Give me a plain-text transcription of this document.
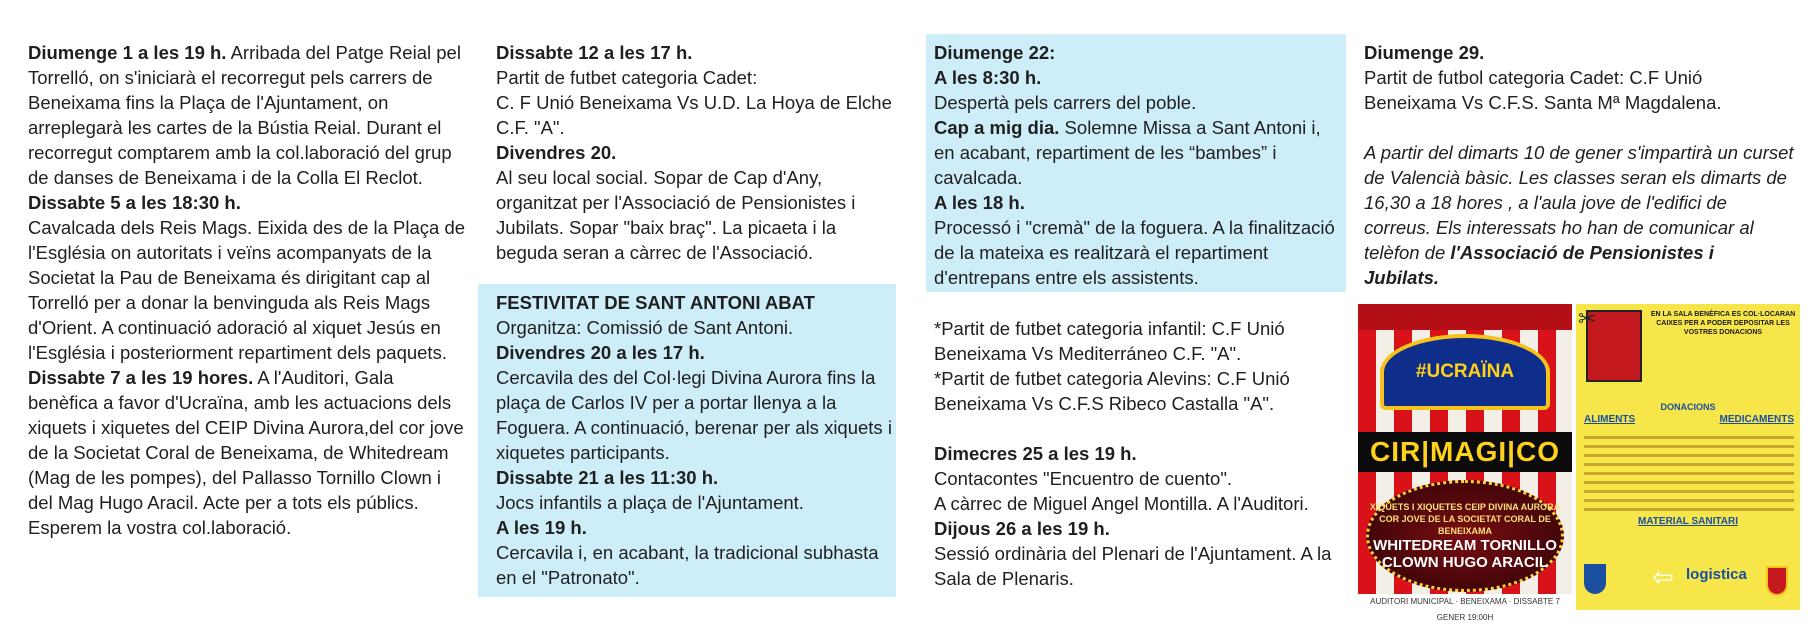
Diumenge 1 a les 19 h. Arribada del Patge Reial pel Torrelló, on s'iniciarà el recorregut pels carrers de Beneixama fins la Plaça de l'Ajuntament, on arreplegarà les cartes de la Bústia Reial. Durant el recorregut comptarem amb la col.laboració del grup de danses de Beneixama i de la Colla El Reclot.

Dissabte 5 a les 18:30 h.

Cavalcada dels Reis Mags. Eixida des de la Plaça de l'Església on autoritats i veïns acompanyats de la Societat la Pau de Beneixama és dirigitant cap al Torrelló per a donar la benvinguda als Reis Mags d'Orient. A continuació adoració al xiquet Jesús en l'Església i posteriorment repartiment dels paquets.

Dissabte 7 a les 19 hores. A l'Auditori, Gala benèfica a favor d'Ucraïna, amb les actuacions dels xiquets i xiquetes del CEIP Divina Aurora,del cor jove de la Societat Coral de Beneixama, de Whitedream (Mag de les pompes), del Pallasso Tornillo Clown i del Mag Hugo Aracil. Acte per a tots els públics. Esperem la vostra col.laboració.

Dissabte 12 a les 17 h.

Partit de futbet categoria Cadet:
C. F Unió Beneixama Vs U.D. La Hoya de Elche C.F. "A".

Divendres 20.

Al seu local social. Sopar de Cap d'Any, organitzat per l'Associació de Pensionistes i Jubilats. Sopar "baix braç". La picaeta i la beguda seran a càrrec de l'Associació.

FESTIVITAT DE SANT ANTONI ABAT

Organitza: Comissió de Sant Antoni.

Divendres 20 a les 17 h.

Cercavila des del Col·legi Divina Aurora fins la plaça de Carlos IV per a portar llenya a la Foguera. A continuació, berenar per als xiquets i xiquetes participants.

Dissabte 21 a les 11:30 h.

Jocs infantils a plaça de l'Ajuntament.

A les 19 h.

Cercavila i, en acabant, la tradicional subhasta en el "Patronato".

Diumenge 22:

A les 8:30 h.

Despertà pels carrers del poble.

Cap a mig dia. Solemne Missa a Sant Antoni i, en acabant, repartiment de les “bambes” i cavalcada.

A les 18 h.

Processó i "cremà" de la foguera. A la finalització de la mateixa es realitzarà el repartiment d'entrepans entre els assistents.

*Partit de futbet categoria infantil: C.F Unió Beneixama Vs Mediterráneo C.F. "A".

*Partit de futbet categoria Alevins: C.F Unió Beneixama Vs C.F.S Ribeco Castalla "A".

Dimecres 25 a les 19 h.

Contacontes "Encuentro de cuento".
A càrrec de Miguel Angel Montilla. A l'Auditori.

Dijous 26 a les 19 h.

Sessió ordinària del Plenari de l'Ajuntament. A la Sala de Plenaris.

Diumenge 29.

Partit de futbol categoria Cadet: C.F Unió Beneixama Vs C.F.S. Santa Mª Magdalena.

A partir del dimarts 10 de gener s'impartirà un curset de Valencià bàsic. Les classes seran els dimarts de 16,30 a 18 hores , a l'aula jove de l'edifici de correus. Els interessats ho han de comunicar al telèfon de l'Associació de Pensionistes i Jubilats.

#UCRAÏNA
CIR|MAGI|CO
XIQUETS I XIQUETES CEIP DIVINA AURORA COR JOVE DE LA SOCIETAT CORAL DE BENEIXAMA
WHITEDREAM TORNILLO CLOWN HUGO ARACIL
AUDITORI MUNICIPAL · BENEIXAMA · DISSABTE 7 GENER 19:00H
✂	EN LA SALA BENÈFICA ES COL·LOCARAN CAIXES PER A PODER DEPOSITAR LES VOSTRES DONACIONS
DONACIONS
ALIMENTS	MEDICAMENTS
MATERIAL SANITARI
⇦ logistica
